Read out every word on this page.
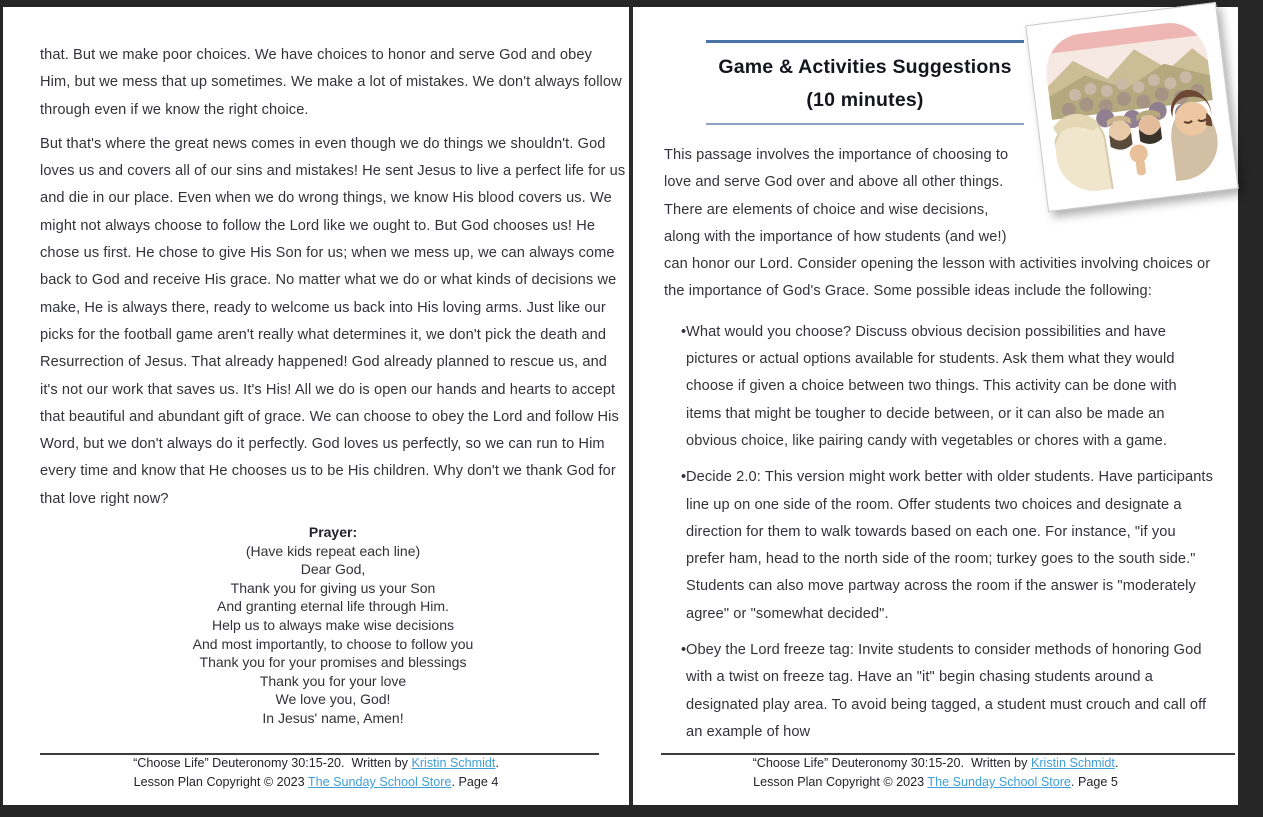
that. But we make poor choices. We have choices to honor and serve God and obey Him, but we mess that up sometimes. We make a lot of mistakes. We don't always follow through even if we know the right choice.
But that's where the great news comes in even though we do things we shouldn't. God loves us and covers all of our sins and mistakes! He sent Jesus to live a perfect life for us and die in our place. Even when we do wrong things, we know His blood covers us. We might not always choose to follow the Lord like we ought to. But God chooses us! He chose us first. He chose to give His Son for us; when we mess up, we can always come back to God and receive His grace. No matter what we do or what kinds of decisions we make, He is always there, ready to welcome us back into His loving arms. Just like our picks for the football game aren't really what determines it, we don't pick the death and Resurrection of Jesus. That already happened! God already planned to rescue us, and it's not our work that saves us. It's His! All we do is open our hands and hearts to accept that beautiful and abundant gift of grace. We can choose to obey the Lord and follow His Word, but we don't always do it perfectly. God loves us perfectly, so we can run to Him every time and know that He chooses us to be His children. Why don't we thank God for that love right now?
Prayer:
(Have kids repeat each line)
Dear God,
Thank you for giving us your Son
And granting eternal life through Him.
Help us to always make wise decisions
And most importantly, to choose to follow you
Thank you for your promises and blessings
Thank you for your love
We love you, God!
In Jesus' name, Amen!
“Choose Life” Deuteronomy 30:15-20. Written by Kristin Schmidt.
Lesson Plan Copyright © 2023 The Sunday School Store. Page 4
Game & Activities Suggestions
(10 minutes)
This passage involves the importance of choosing to love and serve God over and above all other things. There are elements of choice and wise decisions, along with the importance of how students (and we!) can honor our Lord. Consider opening the lesson with activities involving choices or the importance of God's Grace. Some possible ideas include the following:
• What would you choose? Discuss obvious decision possibilities and have pictures or actual options available for students. Ask them what they would choose if given a choice between two things. This activity can be done with items that might be tougher to decide between, or it can also be made an obvious choice, like pairing candy with vegetables or chores with a game.
• Decide 2.0: This version might work better with older students. Have participants line up on one side of the room. Offer students two choices and designate a direction for them to walk towards based on each one. For instance, "if you prefer ham, head to the north side of the room; turkey goes to the south side." Students can also move partway across the room if the answer is "moderately agree" or "somewhat decided".
• Obey the Lord freeze tag: Invite students to consider methods of honoring God with a twist on freeze tag. Have an "it" begin chasing students around a designated play area. To avoid being tagged, a student must crouch and call off an example of how
“Choose Life” Deuteronomy 30:15-20. Written by Kristin Schmidt.
Lesson Plan Copyright © 2023 The Sunday School Store. Page 5
